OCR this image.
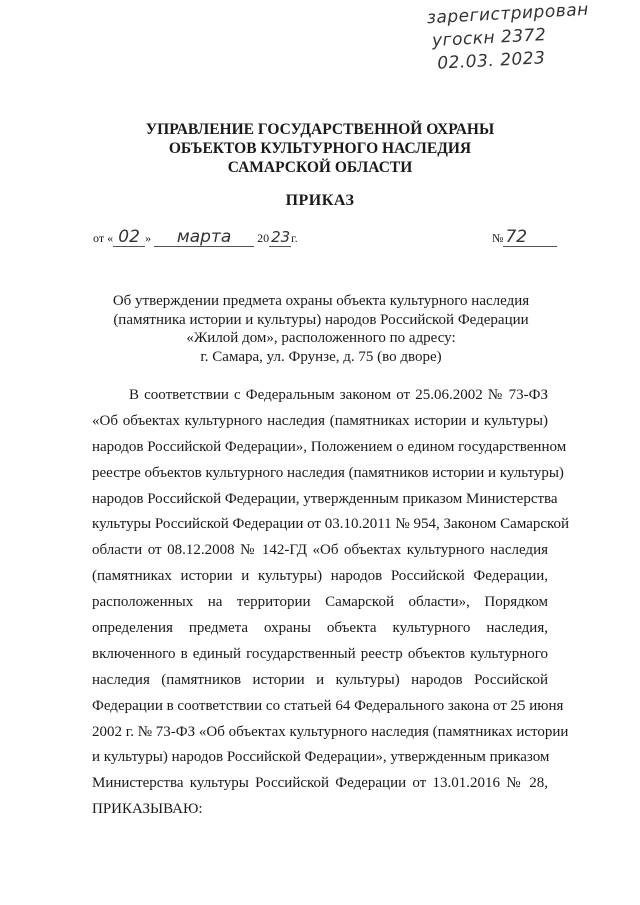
зарегистрирован
угоскн 2372
02.03. 2023
УПРАВЛЕНИЕ ГОСУДАРСТВЕННОЙ ОХРАНЫ
ОБЪЕКТОВ КУЛЬТУРНОГО НАСЛЕДИЯ
САМАРСКОЙ ОБЛАСТИ
ПРИКАЗ
от « 02 » марта 20 23г.	№ 72
Об утверждении предмета охраны объекта культурного наследия
(памятника истории и культуры) народов Российской Федерации
«Жилой дом», расположенного по адресу:
г. Самара, ул. Фрунзе, д. 75 (во дворе)
В соответствии с Федеральным законом от 25.06.2002 № 73-ФЗ
«Об объектах культурного наследия (памятниках истории и культуры)
народов Российской Федерации», Положением о едином государственном
реестре объектов культурного наследия (памятников истории и культуры)
народов Российской Федерации, утвержденным приказом Министерства
культуры Российской Федерации от 03.10.2011 № 954, Законом Самарской
области от 08.12.2008 № 142-ГД «Об объектах культурного наследия
(памятниках истории и культуры) народов Российской Федерации,
расположенных на территории Самарской области», Порядком
определения предмета охраны объекта культурного наследия,
включенного в единый государственный реестр объектов культурного
наследия (памятников истории и культуры) народов Российской
Федерации в соответствии со статьей 64 Федерального закона от 25 июня
2002 г. № 73-ФЗ «Об объектах культурного наследия (памятниках истории
и культуры) народов Российской Федерации», утвержденным приказом
Министерства культуры Российской Федерации от 13.01.2016 № 28,
ПРИКАЗЫВАЮ:
